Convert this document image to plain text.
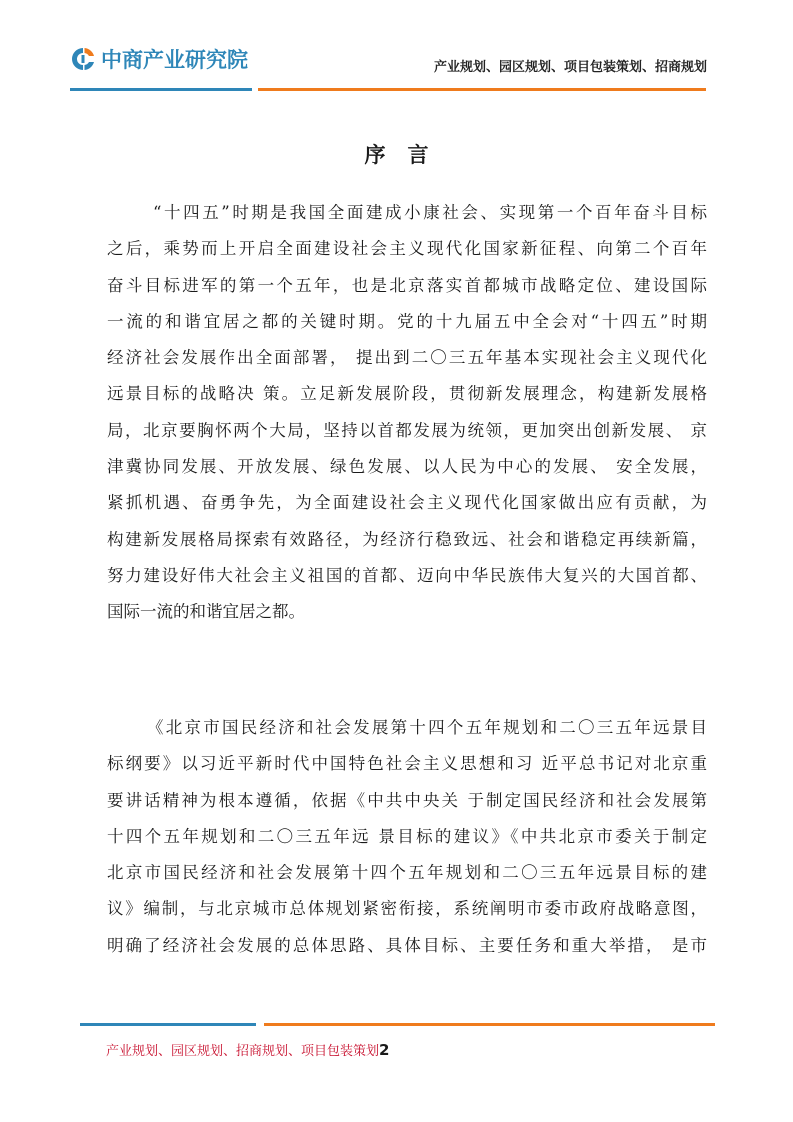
中商产业研究院	产业规划、园区规划、项目包装策划、招商规划
序言
“十四五”时期是我国全面建成小康社会、实现第一个百年奋斗目标
之后，乘势而上开启全面建设社会主义现代化国家新征程、向第二个百年
奋斗目标进军的第一个五年，也是北京落实首都城市战略定位、建设国际
一流的和谐宜居之都的关键时期。党的十九届五中全会对“十四五”时期
经济社会发展作出全面部署， 提出到二〇三五年基本实现社会主义现代化
远景目标的战略决 策。立足新发展阶段，贯彻新发展理念，构建新发展格
局，北京要胸怀两个大局，坚持以首都发展为统领，更加突出创新发展、 京
津冀协同发展、开放发展、绿色发展、以人民为中心的发展、 安全发展，
紧抓机遇、奋勇争先，为全面建设社会主义现代化国家做出应有贡献，为
构建新发展格局探索有效路径，为经济行稳致远、社会和谐稳定再续新篇，
努力建设好伟大社会主义祖国的首都、迈向中华民族伟大复兴的大国首都、
国际一流的和谐宜居之都。
《北京市国民经济和社会发展第十四个五年规划和二〇三五年远景目
标纲要》以习近平新时代中国特色社会主义思想和习 近平总书记对北京重
要讲话精神为根本遵循，依据《中共中央关 于制定国民经济和社会发展第
十四个五年规划和二〇三五年远 景目标的建议》《中共北京市委关于制定
北京市国民经济和社会发展第十四个五年规划和二〇三五年远景目标的建
议》编制，与北京城市总体规划紧密衔接，系统阐明市委市政府战略意图，
明确了经济社会发展的总体思路、具体目标、主要任务和重大举措， 是市
产业规划、园区规划、招商规划、项目包装策划2
